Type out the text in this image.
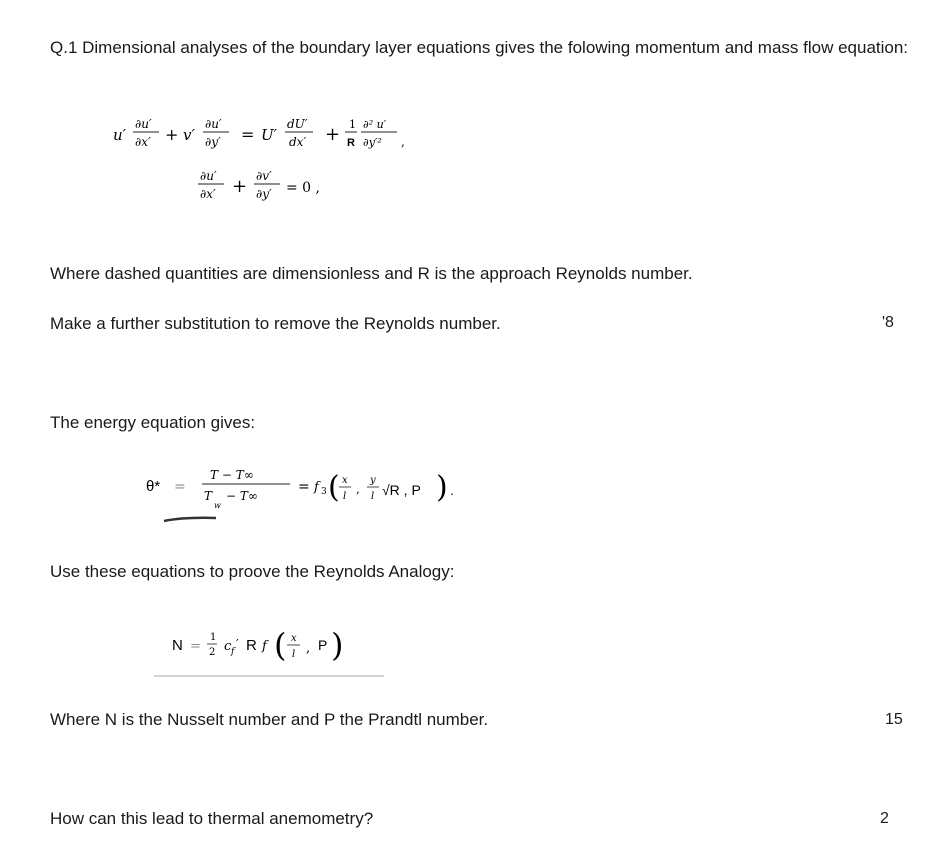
Q.1 Dimensional analyses of the boundary layer equations gives the folowing momentum and mass flow equation:
u′
∂u′
∂x′ + v′
∂u′
∂y′ = U′
dU′
dx′ + 1
R
∂² u′
∂y′² ,
∂u′
∂x′ + ∂v′
∂y′ = 0 ,
Where dashed quantities are dimensionless and R is the approach Reynolds number.
Make a further substitution to remove the Reynolds number.	'8
The energy equation gives:
θ* =
T − T∞
T
w
− T∞
= f 3 ( x
l
,
y
l √R , P ) .
Use these equations to proove the Reynolds Analogy:
N =
1
2 c f
′ R f ( x
l , P )
Where N is the Nusselt number and P the Prandtl number.	15
How can this lead to thermal anemometry?	2
